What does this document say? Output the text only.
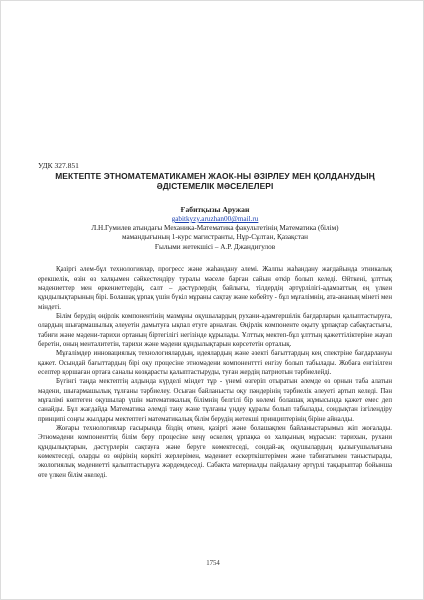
УДК 327.851

МЕКТЕПТЕ ЭТНОМАТЕМАТИКАМЕН ЖАОК-НЫ ӘЗІРЛЕУ МЕН ҚОЛДАНУДЫҢ

ӘДІСТЕМЕЛІК МӘСЕЛЕЛЕРІ

Ғабитқызы Аружан

gabitkyzy.aruzhan00@mail.ru

Л.Н.Гумилев атындағы Механика-Математика факультетінің Математика (білім)

мамандығының 1-курс магистранты, Нұр-Сұлтан, Қазақстан

Ғылыми жетекшісі – А.Р. Джандигулов

Қазіргі әлем-бұл технологиялар, прогресс және жаһандану әлемі. Жалпы жаһандану жағдайында этникалық ерекшелік, өзін өз халқымен сәйкестендіру туралы мәселе барған сайын өткір болып келеді. Өйткені, ұлттық мәдениеттер мен өркениеттердің, салт – дәстүрлердің байлығы, тілдердің әртүрлілігі-адамзаттың ең үлкен құндылықтарының бірі. Болашақ ұрпақ үшін бүкіл мұраны сақтау және көбейту - бұл мұғалімнің, ата-ананың мінеті мен міндеті.

Білім берудің өңірлік компонентінің мазмұны оқушылардың рухани-адамгершілік бағдарларын қалыптастыруға, олардың шығармашылық әлеуетін дамытуға ықпал етуге арналған. Өңірлік компоненте оқыту ұрпақтар сабақтастығы, табиғи және мәдени-тарихи ортаның біртегілігі негізінде құрылады. Ұлттық мектеп-бұл ұлттың қажеттіліктеріне жауап беретін, оның менталитетін, тарихи және мәдени құндылықтарын көрсететін орталық.

Мұғалімдер инновациялық технологиялардың, идеялардың және әзекті бағыттардың кең спектріне бағдарлануы қажет. Осындай бағыттардың бірі оқу процесіне этномәдени компоненттті енгізу болып табылады. Жобаға енгізілген есептер қоршаған ортаға саналы көзқарасты қалыптастыруды, туған жердің патриотын тәрбиелейді.

Бүгінгі таңда мектептің алдында күрделі міндет тұр - үнемі өзгеріп отыратын әлемде өз орнын таба алатын мәдени, шығармашылық тұлғаны тәрбиелеу. Осыған байланысты оқу пәндерінің тәрбиелік әлеуеті артып келеді. Пән мұғалімі көптеген оқушылар үшін математикалық білімнің белгілі бір көлемі болашақ жұмысында қажет емес деп санайды. Бұл жағдайда Математика әлемді тану және тұлғаны үндеу құралы болып табылады, сондықтан ізгілендіру принципі соңғы жылдары мектептегі математикалық білім берудің жетекші принциптерінің біріне айналды.

Жоғары технологиялар ғасырында біздің өткен, қазіргі және болашақпен байланыстарымыз жіп жоғалады. Этномәдени компоненттің білім беру процесіне кеңү өскелең ұрпақка өз халқының мұрасын: тарихын, рухани құндылықтарын, дәстүрлерін сақтауға және беруге көмектеседі, сондай-ақ оқушылардың қызығушылығына көмектеседі, оларды өз өңірінің көркіті жерлерімен, мәдениет ескерткіштерімен және табиғатымен таныстырады, экологиялық мәдениетті қалыптастыруға жәрдемдеседі. Сабакта материалды пайдалану әртүрлі тақырыптар бойынша өте үлкен білім әкеледі.

1754
